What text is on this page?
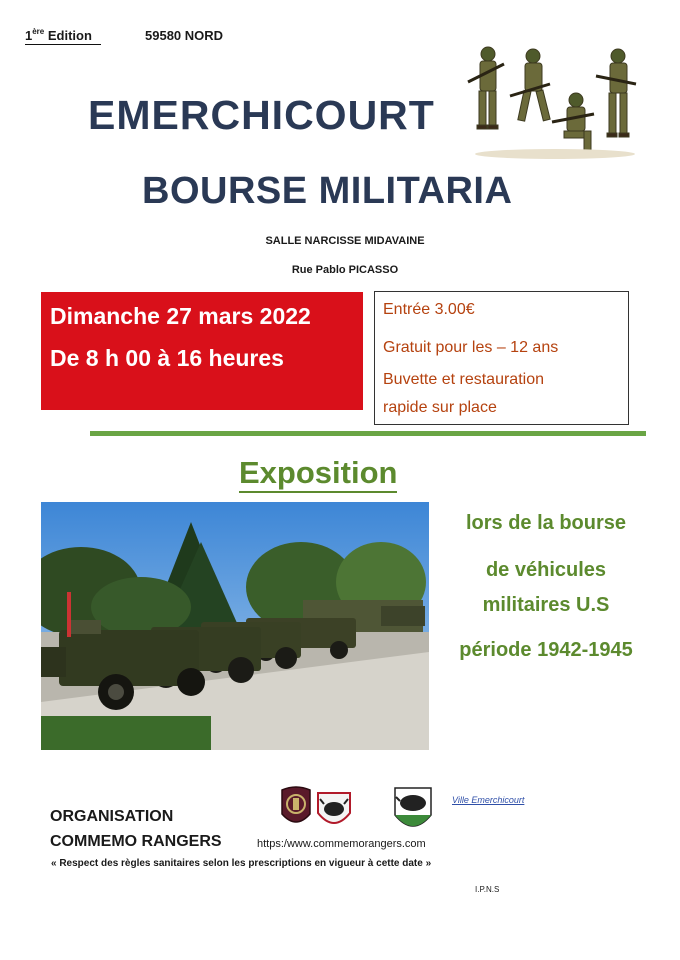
1ère Edition	59580 NORD
EMERCHICOURT
BOURSE MILITARIA
SALLE NARCISSE MIDAVAINE
Rue Pablo PICASSO
Dimanche 27 mars 2022
De 8 h 00 à 16 heures
Entrée 3.00€
Gratuit pour les – 12 ans
Buvette et restauration
rapide sur place
Exposition
lors de la bourse
de véhicules
militaires U.S
période 1942-1945
ORGANISATION
COMMEMO RANGERS	https:/www.commemorangers.com
« Respect des règles sanitaires selon les prescriptions en vigueur à cette date »
I.P.N.S
Ville Emerchicourt
